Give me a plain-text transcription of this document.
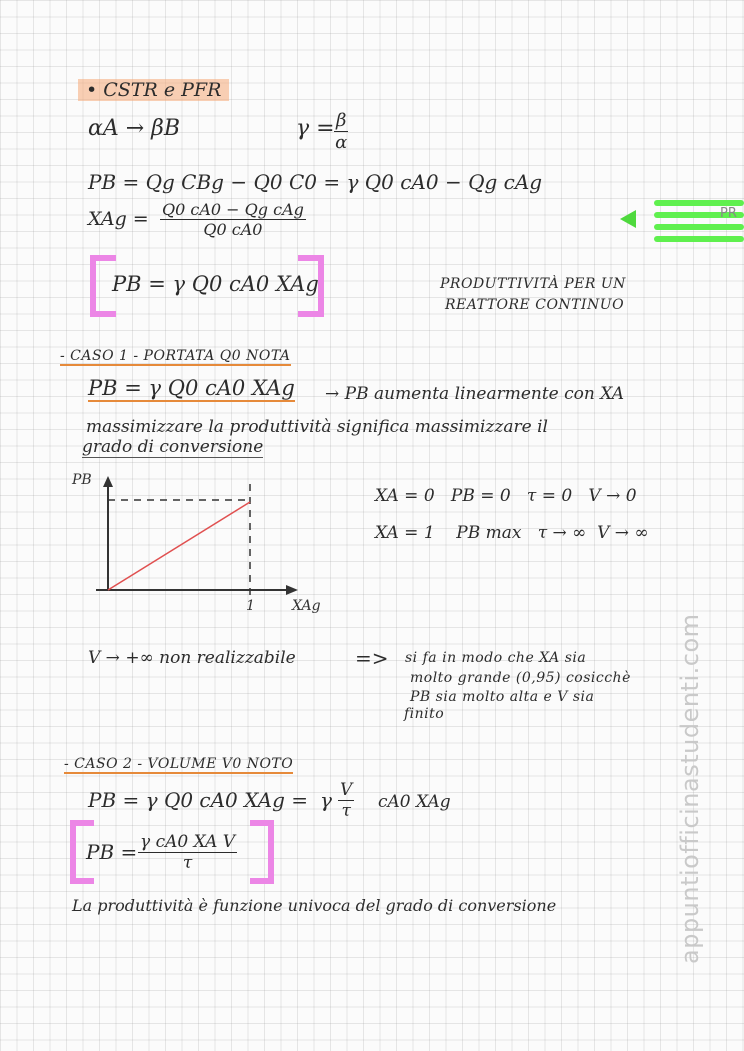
• CSTR e PFR
αA → βB	$\gamma = \frac{\beta}{\alpha}$
PB = Qg CBg − Q0 C0 = γ Q0 cA0 − Qg cAg
XAg = Q0 cA0 − Qg cAg
Q0 cA0
PB = γ Q0 cA0 XAg	PRODUTTIVITÀ PER UN
REATTORE CONTINUO
- CASO 1 - PORTATA Q0 NOTA
PB = γ Q0 cA0 XAg → PB aumenta linearmente con XA
massimizzare la produttività significa massimizzare il
grado di conversione
PB
XAg
1
XA = 0 PB = 0 τ = 0 V → 0
XA = 1 PB max τ → ∞ V → ∞
V → +∞ non realizzabile	=> si fa in modo che XA sia
molto grande (0,95) cosicchè
PB sia molto alta e V sia
finito
- CASO 2 - VOLUME V0 NOTO
PB = γ Q0 cA0 XAg = γ $\frac{V}{\tau} cA0$ XAg
PB = $\frac{\text{γ cA0 XA V}}{\tau}$
La produttività è funzione univoca del grado di conversione
PR
appuntiofficinastudenti.com
